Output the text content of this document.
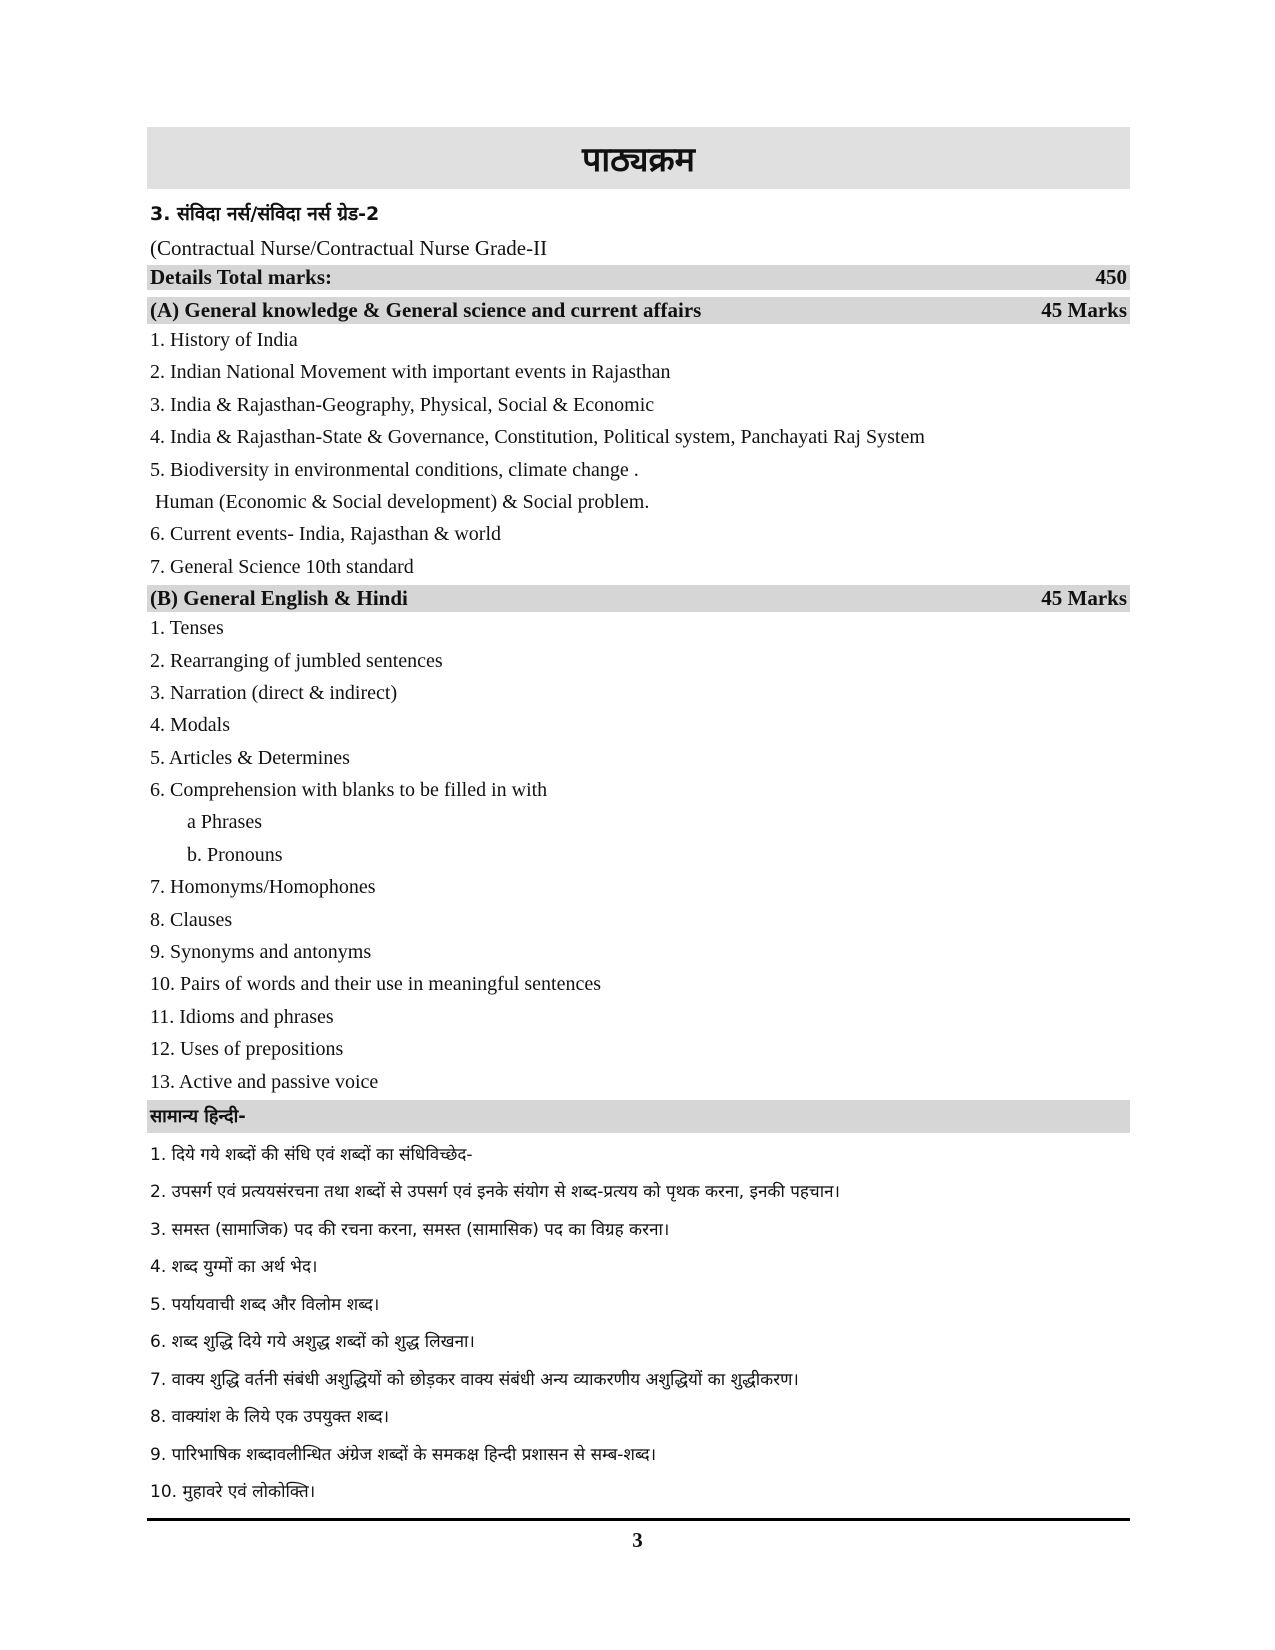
पाठ्यक्रम
3. संविदा नर्स/संविदा नर्स ग्रेड-2
(Contractual Nurse/Contractual Nurse Grade-II
Details Total marks:	450
(A) General knowledge & General science and current affairs	45 Marks
1. History of India
2. Indian National Movement with important events in Rajasthan
3. India & Rajasthan-Geography, Physical, Social & Economic
4. India & Rajasthan-State & Governance, Constitution, Political system, Panchayati Raj System
5. Biodiversity in environmental conditions, climate change .
Human (Economic & Social development) & Social problem.
6. Current events- India, Rajasthan & world
7. General Science 10th standard
(B) General English & Hindi	45 Marks
1. Tenses
2. Rearranging of jumbled sentences
3. Narration (direct & indirect)
4. Modals
5. Articles & Determines
6. Comprehension with blanks to be filled in with
a Phrases
b. Pronouns
7. Homonyms/Homophones
8. Clauses
9. Synonyms and antonyms
10. Pairs of words and their use in meaningful sentences
11. Idioms and phrases
12. Uses of prepositions
13. Active and passive voice
सामान्य हिन्दी-
1. दिये गये शब्दों की संधि एवं शब्दों का संधिविच्छेद-
2. उपसर्ग एवं प्रत्ययसंरचना तथा शब्दों से उपसर्ग एवं इनके संयोग से शब्द-प्रत्यय को पृथक करना, इनकी पहचान।
3. समस्त (सामाजिक) पद की रचना करना, समस्त (सामासिक) पद का विग्रह करना।
4. शब्द युग्मों का अर्थ भेद।
5. पर्यायवाची शब्द और विलोम शब्द।
6. शब्द शुद्धि दिये गये अशुद्ध शब्दों को शुद्ध लिखना।
7. वाक्य शुद्धि वर्तनी संबंधी अशुद्धियों को छोड़कर वाक्य संबंधी अन्य व्याकरणीय अशुद्धियों का शुद्धीकरण।
8. वाक्यांश के लिये एक उपयुक्त शब्द।
9. पारिभाषिक शब्दावलीन्धित अंग्रेज शब्दों के समकक्ष हिन्दी प्रशासन से सम्ब-शब्द।
10. मुहावरे एवं लोकोक्ति।
3
